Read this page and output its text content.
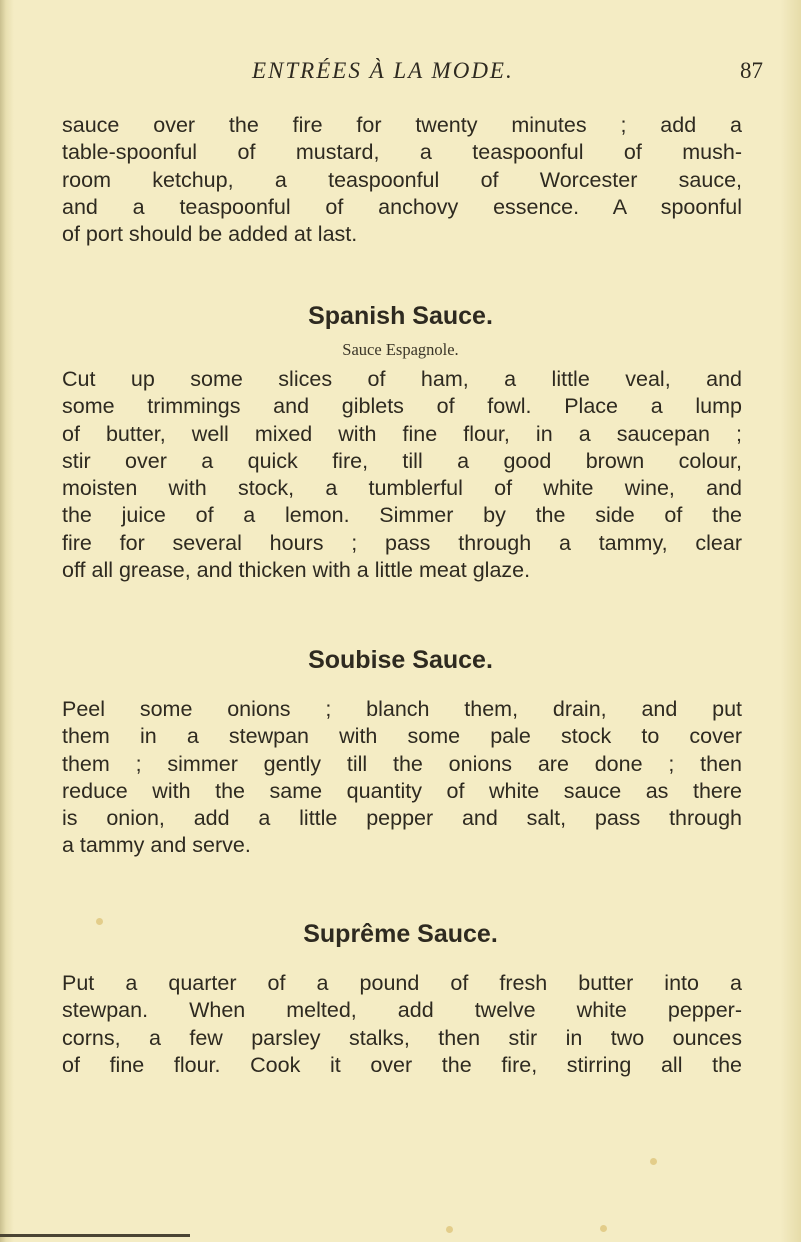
ENTRÉES À LA MODE.	87
sauce over the fire for twenty minutes ; add a
table-spoonful of mustard, a teaspoonful of mush-
room ketchup, a teaspoonful of Worcester sauce,
and a teaspoonful of anchovy essence. A spoonful
of port should be added at last.
Spanish Sauce.
Sauce Espagnole.
Cut up some slices of ham, a little veal, and
some trimmings and giblets of fowl. Place a lump
of butter, well mixed with fine flour, in a saucepan ;
stir over a quick fire, till a good brown colour,
moisten with stock, a tumblerful of white wine, and
the juice of a lemon. Simmer by the side of the
fire for several hours ; pass through a tammy, clear
off all grease, and thicken with a little meat glaze.
Soubise Sauce.
Peel some onions ; blanch them, drain, and put
them in a stewpan with some pale stock to cover
them ; simmer gently till the onions are done ; then
reduce with the same quantity of white sauce as there
is onion, add a little pepper and salt, pass through
a tammy and serve.
Suprême Sauce.
Put a quarter of a pound of fresh butter into a
stewpan. When melted, add twelve white pepper-
corns, a few parsley stalks, then stir in two ounces
of fine flour. Cook it over the fire, stirring all the
